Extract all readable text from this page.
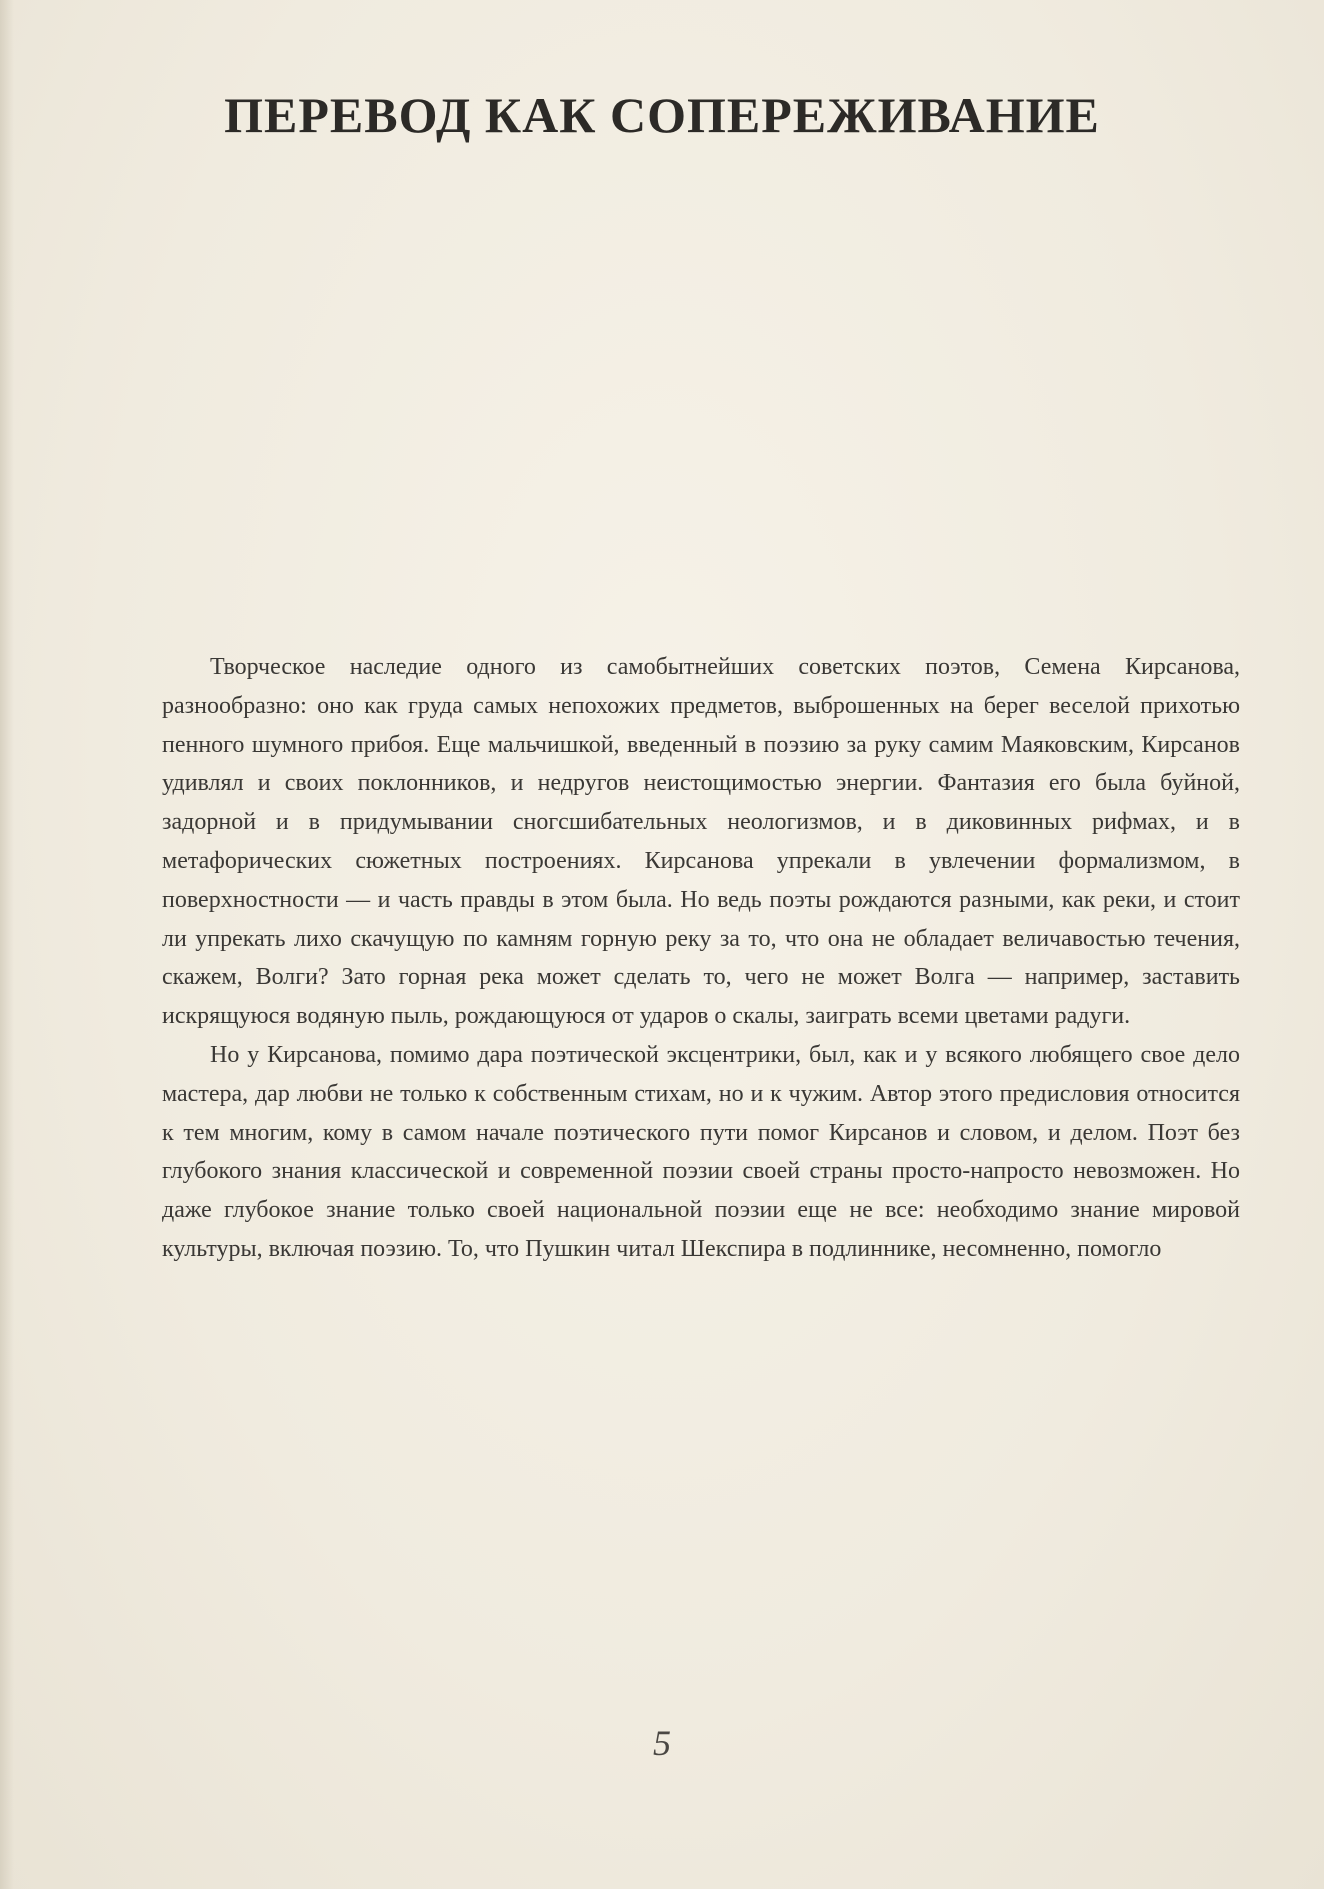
ПЕРЕВОД КАК СОПЕРЕЖИВАНИЕ

Творческое наследие одного из самобытнейших советских поэтов, Семена Кирсанова, разнообразно: оно как груда самых непохожих предметов, выброшенных на берег веселой прихотью пенного шумного прибоя. Еще мальчишкой, введенный в поэзию за руку самим Маяковским, Кирсанов удивлял и своих поклонников, и недругов неистощимостью энергии. Фантазия его была буйной, задорной и в придумывании сногсшибательных неологизмов, и в диковинных рифмах, и в метафорических сюжетных построениях. Кирсанова упрекали в увлечении формализмом, в поверхностности — и часть правды в этом была. Но ведь поэты рождаются разными, как реки, и стоит ли упрекать лихо скачущую по камням горную реку за то, что она не обладает величавостью течения, скажем, Волги? Зато горная река может сделать то, чего не может Волга — например, заставить искрящуюся водяную пыль, рождающуюся от ударов о скалы, заиграть всеми цветами радуги.

Но у Кирсанова, помимо дара поэтической эксцентрики, был, как и у всякого любящего свое дело мастера, дар любви не только к собственным стихам, но и к чужим. Автор этого предисловия относится к тем многим, кому в самом начале поэтического пути помог Кирсанов и словом, и делом. Поэт без глубокого знания классической и современной поэзии своей страны просто-напросто невозможен. Но даже глубокое знание только своей национальной поэзии еще не все: необходимо знание мировой культуры, включая поэзию. То, что Пушкин читал Шекспира в подлиннике, несомненно, помогло

5
